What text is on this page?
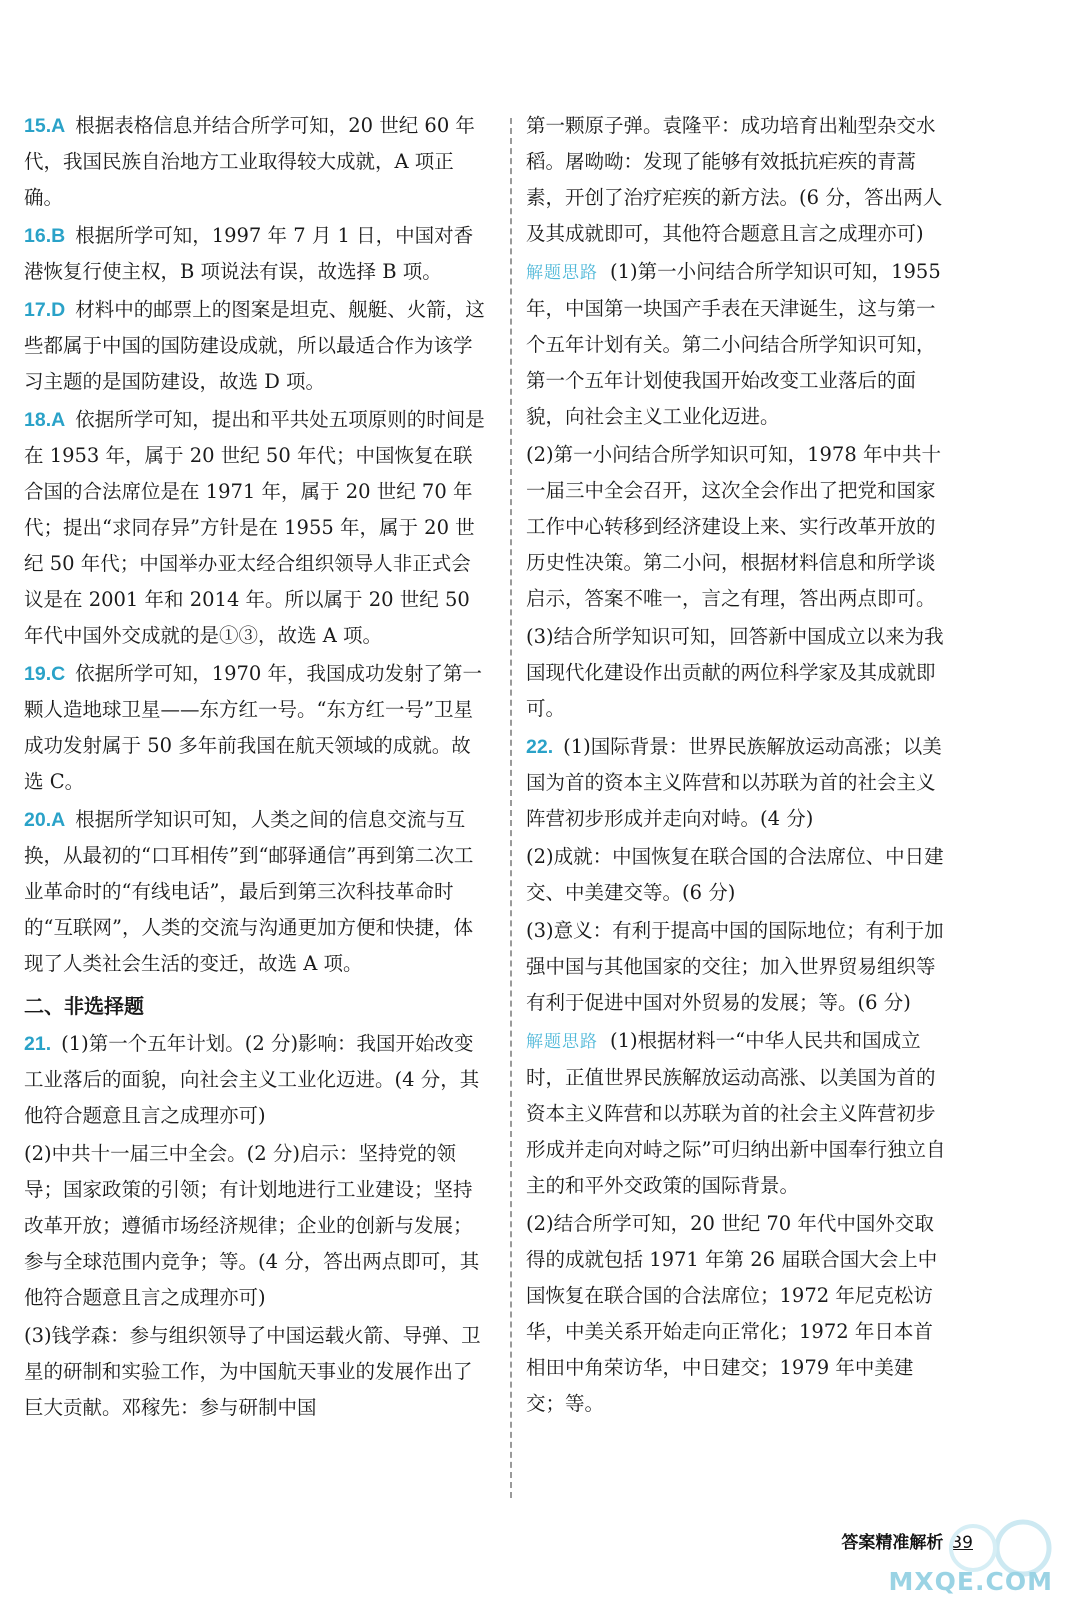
15.A 根据表格信息并结合所学可知，20 世纪 60 年代，我国民族自治地方工业取得较大成就，A 项正确。
16.B 根据所学可知，1997 年 7 月 1 日，中国对香港恢复行使主权，B 项说法有误，故选择 B 项。
17.D 材料中的邮票上的图案是坦克、舰艇、火箭，这些都属于中国的国防建设成就，所以最适合作为该学习主题的是国防建设，故选 D 项。
18.A 依据所学可知，提出和平共处五项原则的时间是在 1953 年，属于 20 世纪 50 年代；中国恢复在联合国的合法席位是在 1971 年，属于 20 世纪 70 年代；提出“求同存异”方针是在 1955 年，属于 20 世纪 50 年代；中国举办亚太经合组织领导人非正式会议是在 2001 年和 2014 年。所以属于 20 世纪 50 年代中国外交成就的是①③，故选 A 项。
19.C 依据所学可知，1970 年，我国成功发射了第一颗人造地球卫星——东方红一号。“东方红一号”卫星成功发射属于 50 多年前我国在航天领域的成就。故选 C。
20.A 根据所学知识可知，人类之间的信息交流与互换，从最初的“口耳相传”到“邮驿通信”再到第二次工业革命时的“有线电话”，最后到第三次科技革命时的“互联网”，人类的交流与沟通更加方便和快捷，体现了人类社会生活的变迁，故选 A 项。
二、非选择题
21. (1)第一个五年计划。(2 分)影响：我国开始改变工业落后的面貌，向社会主义工业化迈进。(4 分，其他符合题意且言之成理亦可)
(2)中共十一届三中全会。(2 分)启示：坚持党的领导；国家政策的引领；有计划地进行工业建设；坚持改革开放；遵循市场经济规律；企业的创新与发展；参与全球范围内竞争；等。(4 分，答出两点即可，其他符合题意且言之成理亦可)
(3)钱学森：参与组织领导了中国运载火箭、导弹、卫星的研制和实验工作，为中国航天事业的发展作出了巨大贡献。邓稼先：参与研制中国
第一颗原子弹。袁隆平：成功培育出籼型杂交水稻。屠呦呦：发现了能够有效抵抗疟疾的青蒿素，开创了治疗疟疾的新方法。(6 分，答出两人及其成就即可，其他符合题意且言之成理亦可)
解题思路 (1)第一小问结合所学知识可知，1955 年，中国第一块国产手表在天津诞生，这与第一个五年计划有关。第二小问结合所学知识可知，第一个五年计划使我国开始改变工业落后的面貌，向社会主义工业化迈进。
(2)第一小问结合所学知识可知，1978 年中共十一届三中全会召开，这次全会作出了把党和国家工作中心转移到经济建设上来、实行改革开放的历史性决策。第二小问，根据材料信息和所学谈启示，答案不唯一，言之有理，答出两点即可。
(3)结合所学知识可知，回答新中国成立以来为我国现代化建设作出贡献的两位科学家及其成就即可。
22. (1)国际背景：世界民族解放运动高涨；以美国为首的资本主义阵营和以苏联为首的社会主义阵营初步形成并走向对峙。(4 分)
(2)成就：中国恢复在联合国的合法席位、中日建交、中美建交等。(6 分)
(3)意义：有利于提高中国的国际地位；有利于加强中国与其他国家的交往；加入世界贸易组织等有利于促进中国对外贸易的发展；等。(6 分)
解题思路 (1)根据材料一“中华人民共和国成立时，正值世界民族解放运动高涨、以美国为首的资本主义阵营和以苏联为首的社会主义阵营初步形成并走向对峙之际”可归纳出新中国奉行独立自主的和平外交政策的国际背景。
(2)结合所学可知，20 世纪 70 年代中国外交取得的成就包括 1971 年第 26 届联合国大会上中国恢复在联合国的合法席位；1972 年尼克松访华，中美关系开始走向正常化；1972 年日本首相田中角荣访华，中日建交；1979 年中美建交；等。
答案精准解析 39
MXQE.COM
